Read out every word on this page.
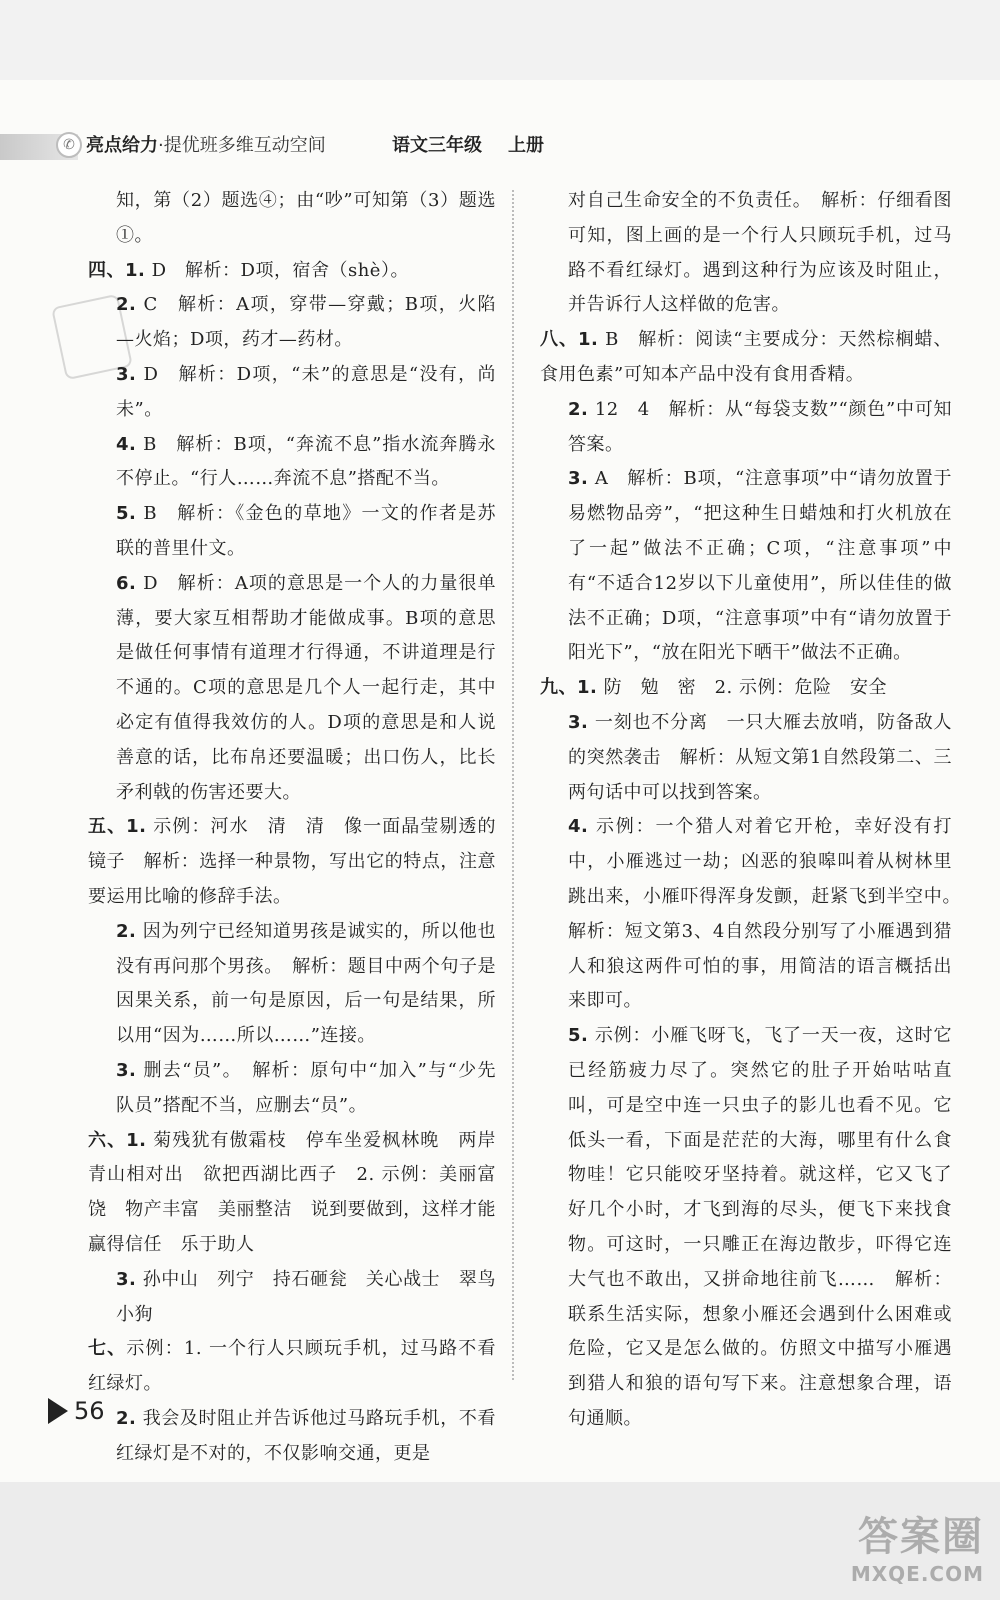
✆ 亮点给力·提优班多维互动空间	语文三年级 上册

知，第（2）题选④；由“吵”可知第（3）题选①。

四、1. D　解析：D项，宿舍（shè）。

2. C　解析：A项，穿带—穿戴；B项，火陷—火焰；D项，药才—药材。

3. D　解析：D项，“未”的意思是“没有，尚未”。

4. B　解析：B项，“奔流不息”指水流奔腾永不停止。“行人……奔流不息”搭配不当。

5. B　解析：《金色的草地》一文的作者是苏联的普里什文。

6. D　解析：A项的意思是一个人的力量很单薄，要大家互相帮助才能做成事。B项的意思是做任何事情有道理才行得通，不讲道理是行不通的。C项的意思是几个人一起行走，其中必定有值得我效仿的人。D项的意思是和人说善意的话，比布帛还要温暖；出口伤人，比长矛利戟的伤害还要大。

五、1. 示例：河水　清　清　像一面晶莹剔透的镜子　解析：选择一种景物，写出它的特点，注意要运用比喻的修辞手法。

2. 因为列宁已经知道男孩是诚实的，所以他也没有再问那个男孩。　解析：题目中两个句子是因果关系，前一句是原因，后一句是结果，所以用“因为……所以……”连接。

3. 删去“员”。　解析：原句中“加入”与“少先队员”搭配不当，应删去“员”。

六、1. 菊残犹有傲霜枝　停车坐爱枫林晚　两岸青山相对出　欲把西湖比西子　2. 示例：美丽富饶　物产丰富　美丽整洁　说到要做到，这样才能赢得信任　乐于助人

3. 孙中山　列宁　持石砸瓮　关心战士　翠鸟　小狗

七、示例：1. 一个行人只顾玩手机，过马路不看红绿灯。

2. 我会及时阻止并告诉他过马路玩手机，不看红绿灯是不对的，不仅影响交通，更是

对自己生命安全的不负责任。　解析：仔细看图可知，图上画的是一个行人只顾玩手机，过马路不看红绿灯。遇到这种行为应该及时阻止，并告诉行人这样做的危害。

八、1. B　解析：阅读“主要成分：天然棕榈蜡、食用色素”可知本产品中没有食用香精。

2. 12　4　解析：从“每袋支数”“颜色”中可知答案。

3. A　解析：B项，“注意事项”中“请勿放置于易燃物品旁”，“把这种生日蜡烛和打火机放在了一起”做法不正确；C项，“注意事项”中有“不适合12岁以下儿童使用”，所以佳佳的做法不正确；D项，“注意事项”中有“请勿放置于阳光下”，“放在阳光下晒干”做法不正确。

九、1. 防　勉　密　2. 示例：危险　安全

3. 一刻也不分离　一只大雁去放哨，防备敌人的突然袭击　解析：从短文第1自然段第二、三两句话中可以找到答案。

4. 示例：一个猎人对着它开枪，幸好没有打中，小雁逃过一劫；凶恶的狼嗥叫着从树林里跳出来，小雁吓得浑身发颤，赶紧飞到半空中。　解析：短文第3、4自然段分别写了小雁遇到猎人和狼这两件可怕的事，用简洁的语言概括出来即可。

5. 示例：小雁飞呀飞，飞了一天一夜，这时它已经筋疲力尽了。突然它的肚子开始咕咕直叫，可是空中连一只虫子的影儿也看不见。它低头一看，下面是茫茫的大海，哪里有什么食物哇！它只能咬牙坚持着。就这样，它又飞了好几个小时，才飞到海的尽头，便飞下来找食物。可这时，一只雕正在海边散步，吓得它连大气也不敢出，又拼命地往前飞……　解析：联系生活实际，想象小雁还会遇到什么困难或危险，它又是怎么做的。仿照文中描写小雁遇到猎人和狼的语句写下来。注意想象合理，语句通顺。

56
答案圈
MXQE.COM
